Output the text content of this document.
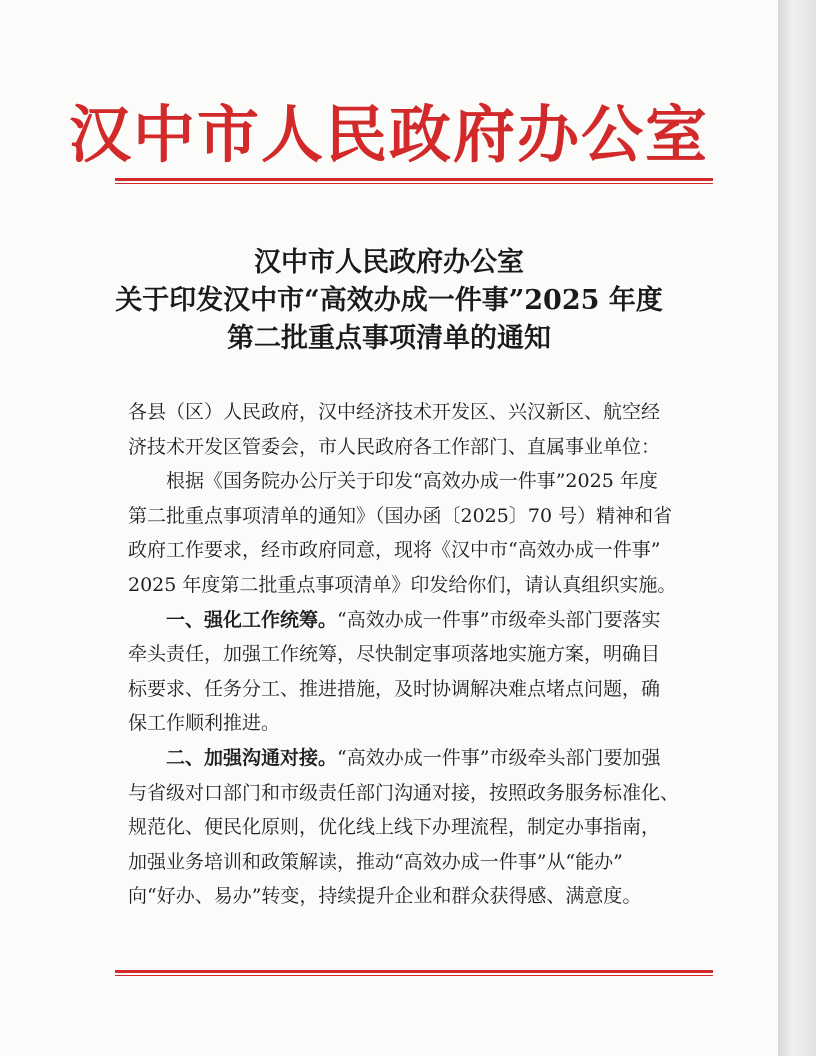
汉中市人民政府办公室
汉中市人民政府办公室
关于印发汉中市“高效办成一件事”2025 年度
第二批重点事项清单的通知
各县（区）人民政府，汉中经济技术开发区、兴汉新区、航空经
济技术开发区管委会，市人民政府各工作部门、直属事业单位：
根据《国务院办公厅关于印发“高效办成一件事”2025 年度
第二批重点事项清单的通知》（国办函〔2025〕70 号）精神和省
政府工作要求，经市政府同意，现将《汉中市“高效办成一件事”
2025 年度第二批重点事项清单》印发给你们，请认真组织实施。
一、强化工作统筹。“高效办成一件事”市级牵头部门要落实
牵头责任，加强工作统筹，尽快制定事项落地实施方案，明确目
标要求、任务分工、推进措施，及时协调解决难点堵点问题，确
保工作顺利推进。
二、加强沟通对接。“高效办成一件事”市级牵头部门要加强
与省级对口部门和市级责任部门沟通对接，按照政务服务标准化、
规范化、便民化原则，优化线上线下办理流程，制定办事指南，
加强业务培训和政策解读，推动“高效办成一件事”从“能办”
向“好办、易办”转变，持续提升企业和群众获得感、满意度。
